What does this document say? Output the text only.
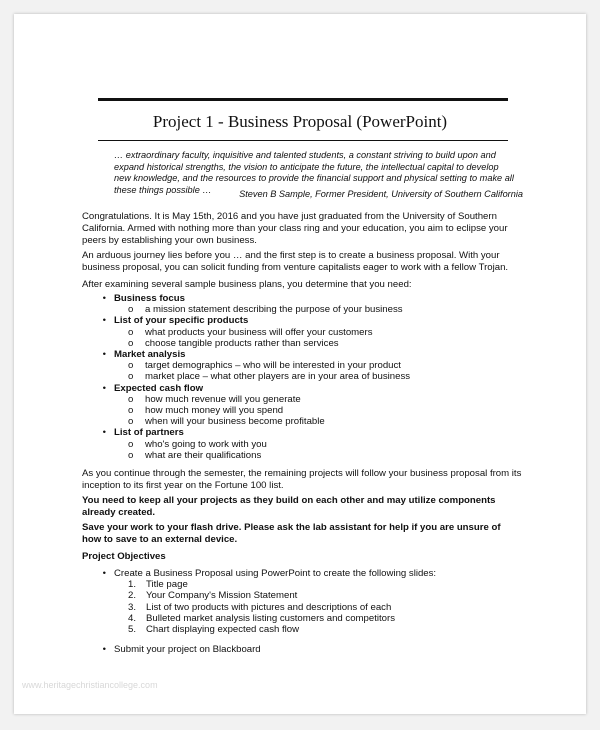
Project 1 - Business Proposal (PowerPoint)
… extraordinary faculty, inquisitive and talented students, a constant striving to build upon and expand historical strengths, the vision to anticipate the future, the intellectual capital to develop new knowledge, and the resources to provide the financial support and physical setting to make all these things possible …	Steven B Sample, Former President, University of Southern California
Congratulations. It is May 15th, 2016 and you have just graduated from the University of Southern California. Armed with nothing more than your class ring and your education, you aim to eclipse your peers by establishing your own business.
An arduous journey lies before you … and the first step is to create a business proposal. With your business proposal, you can solicit funding from venture capitalists eager to work with a fellow Trojan.
After examining several sample business plans, you determine that you need:
• Business focus
o	a mission statement describing the purpose of your business
• List of your specific products
o	what products your business will offer your customers
o	choose tangible products rather than services
• Market analysis
o	target demographics – who will be interested in your product
o	market place – what other players are in your area of business
• Expected cash flow
o	how much revenue will you generate
o	how much money will you spend
o	when will your business become profitable
• List of partners
o	who's going to work with you
o	what are their qualifications
As you continue through the semester, the remaining projects will follow your business proposal from its inception to its first year on the Fortune 100 list.
You need to keep all your projects as they build on each other and may utilize components already created.
Save your work to your flash drive. Please ask the lab assistant for help if you are unsure of how to save to an external device.
Project Objectives
• Create a Business Proposal using PowerPoint to create the following slides:
1.	Title page
2.	Your Company's Mission Statement
3.	List of two products with pictures and descriptions of each
4.	Bulleted market analysis listing customers and competitors
5.	Chart displaying expected cash flow
• Submit your project on Blackboard
www.heritagechristiancollege.com
